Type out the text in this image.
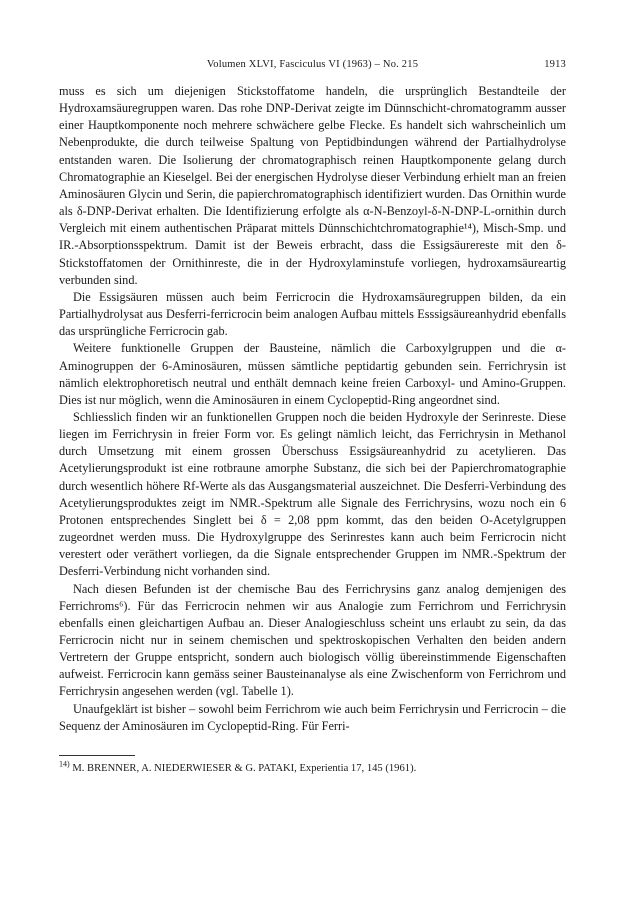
Volumen XLVI, Fasciculus VI (1963) – No. 215	1913

muss es sich um diejenigen Stickstoffatome handeln, die ursprünglich Bestandteile der Hydroxamsäuregruppen waren. Das rohe DNP-Derivat zeigte im Dünnschicht-chromatogramm ausser einer Hauptkomponente noch mehrere schwächere gelbe Flecke. Es handelt sich wahrscheinlich um Nebenprodukte, die durch teilweise Spaltung von Peptidbindungen während der Partialhydrolyse entstanden waren. Die Isolierung der chromatographisch reinen Hauptkomponente gelang durch Chromatographie an Kieselgel. Bei der energischen Hydrolyse dieser Verbindung erhielt man an freien Aminosäuren Glycin und Serin, die papierchromatographisch identifiziert wurden. Das Ornithin wurde als δ-DNP-Derivat erhalten. Die Identifizierung erfolgte als α-N-Benzoyl-δ-N-DNP-L-ornithin durch Vergleich mit einem authentischen Präparat mittels Dünnschichtchromatographie¹⁴), Misch-Smp. und IR.-Absorptionsspektrum. Damit ist der Beweis erbracht, dass die Essigsäurereste mit den δ-Stickstoffatomen der Ornithinreste, die in der Hydroxylaminstufe vorliegen, hydroxamsäureartig verbunden sind.

Die Essigsäuren müssen auch beim Ferricrocin die Hydroxamsäuregruppen bilden, da ein Partialhydrolysat aus Desferri-ferricrocin beim analogen Aufbau mittels Esssigsäureanhydrid ebenfalls das ursprüngliche Ferricrocin gab.

Weitere funktionelle Gruppen der Bausteine, nämlich die Carboxylgruppen und die α-Aminogruppen der 6-Aminosäuren, müssen sämtliche peptidartig gebunden sein. Ferrichrysin ist nämlich elektrophoretisch neutral und enthält demnach keine freien Carboxyl- und Amino-Gruppen. Dies ist nur möglich, wenn die Aminosäuren in einem Cyclopeptid-Ring angeordnet sind.

Schliesslich finden wir an funktionellen Gruppen noch die beiden Hydroxyle der Serinreste. Diese liegen im Ferrichrysin in freier Form vor. Es gelingt nämlich leicht, das Ferrichrysin in Methanol durch Umsetzung mit einem grossen Überschuss Essigsäureanhydrid zu acetylieren. Das Acetylierungsprodukt ist eine rotbraune amorphe Substanz, die sich bei der Papierchromatographie durch wesentlich höhere Rf-Werte als das Ausgangsmaterial auszeichnet. Die Desferri-Verbindung des Acetylierungsproduktes zeigt im NMR.-Spektrum alle Signale des Ferrichrysins, wozu noch ein 6 Protonen entsprechendes Singlett bei δ = 2,08 ppm kommt, das den beiden O-Acetylgruppen zugeordnet werden muss. Die Hydroxylgruppe des Serinrestes kann auch beim Ferricrocin nicht verestert oder veräthert vorliegen, da die Signale entsprechender Gruppen im NMR.-Spektrum der Desferri-Verbindung nicht vorhanden sind.

Nach diesen Befunden ist der chemische Bau des Ferrichrysins ganz analog demjenigen des Ferrichroms⁶). Für das Ferricrocin nehmen wir aus Analogie zum Ferrichrom und Ferrichrysin ebenfalls einen gleichartigen Aufbau an. Dieser Analogieschluss scheint uns erlaubt zu sein, da das Ferricrocin nicht nur in seinem chemischen und spektroskopischen Verhalten den beiden andern Vertretern der Gruppe entspricht, sondern auch biologisch völlig übereinstimmende Eigenschaften aufweist. Ferricrocin kann gemäss seiner Bausteinanalyse als eine Zwischenform von Ferrichrom und Ferrichrysin angesehen werden (vgl. Tabelle 1).

Unaufgeklärt ist bisher – sowohl beim Ferrichrom wie auch beim Ferrichrysin und Ferricrocin – die Sequenz der Aminosäuren im Cyclopeptid-Ring. Für Ferri-

$^{14)}$ M. BRENNER, A. NIEDERWIESER & G. PATAKI, Experientia 17, 145 (1961).
